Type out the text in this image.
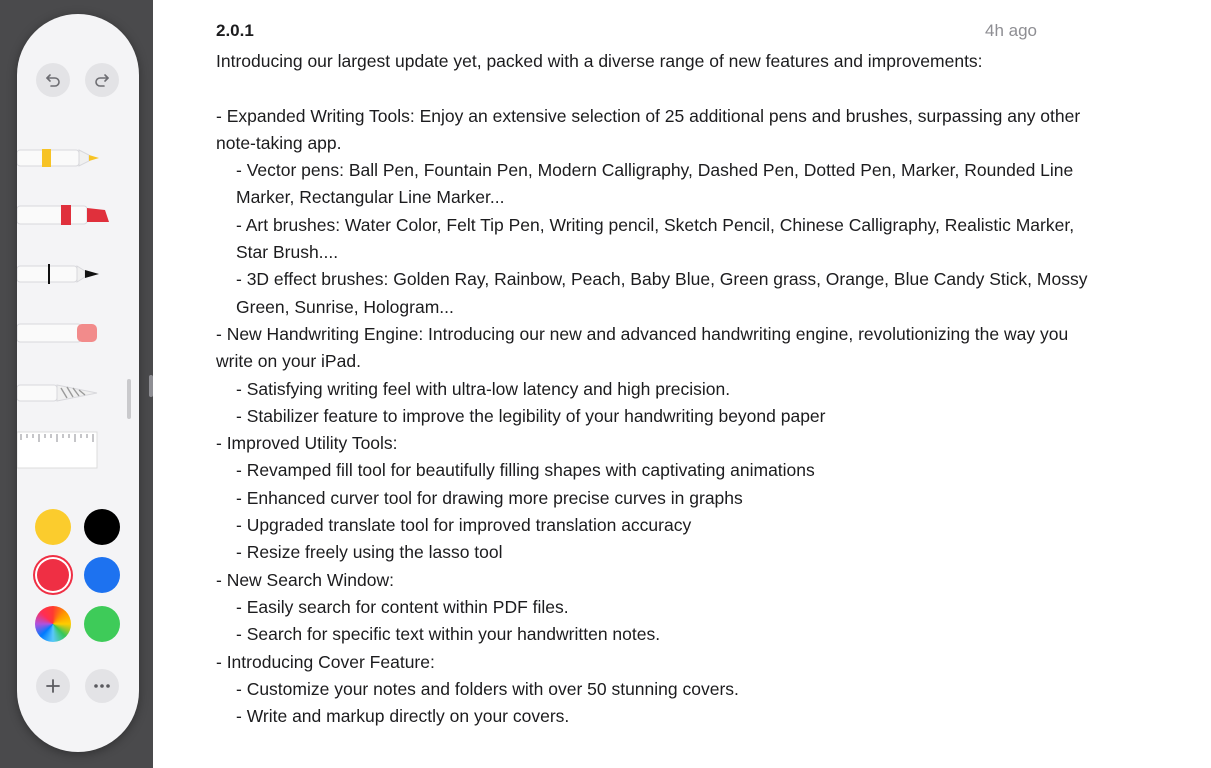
2.0.1	4h ago
Introducing our largest update yet, packed with a diverse range of new features and improvements:

- Expanded Writing Tools: Enjoy an extensive selection of 25 additional pens and brushes, surpassing any other note-taking app.
- Vector pens: Ball Pen, Fountain Pen, Modern Calligraphy, Dashed Pen, Dotted Pen, Marker, Rounded Line Marker, Rectangular Line Marker...
- Art brushes: Water Color, Felt Tip Pen, Writing pencil, Sketch Pencil, Chinese Calligraphy, Realistic Marker, Star Brush....
- 3D effect brushes: Golden Ray, Rainbow, Peach, Baby Blue, Green grass, Orange, Blue Candy Stick, Mossy Green, Sunrise, Hologram...
- New Handwriting Engine: Introducing our new and advanced handwriting engine, revolutionizing the way you write on your iPad.
- Satisfying writing feel with ultra-low latency and high precision.
- Stabilizer feature to improve the legibility of your handwriting beyond paper
- Improved Utility Tools:
- Revamped fill tool for beautifully filling shapes with captivating animations
- Enhanced curver tool for drawing more precise curves in graphs
- Upgraded translate tool for improved translation accuracy
- Resize freely using the lasso tool
- New Search Window:
- Easily search for content within PDF files.
- Search for specific text within your handwritten notes.
- Introducing Cover Feature:
- Customize your notes and folders with over 50 stunning covers.
- Write and markup directly on your covers.
